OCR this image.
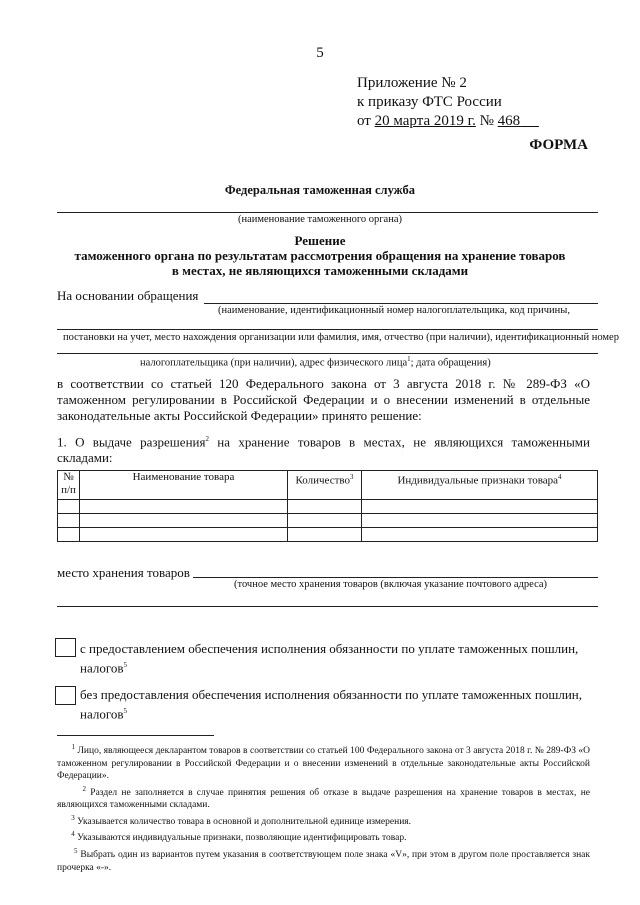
5
Приложение № 2
к приказу ФТС России
от 20 марта 2019 г. № 468
ФОРМА
Федеральная таможенная служба
(наименование таможенного органа)
Решение
таможенного органа по результатам рассмотрения обращения на хранение товаров
в местах, не являющихся таможенными складами
На основании обращения
(наименование, идентификационный номер налогоплательщика, код причины,
постановки на учет, место нахождения организации или фамилия, имя, отчество (при наличии), идентификационный номер
налогоплательщика (при наличии), адрес физического лица$^1$; дата обращения)
в соответствии со статьей 120 Федерального закона от 3 августа 2018 г. № 289-ФЗ «О таможенном регулировании в Российской Федерации и о внесении изменений в отдельные законодательные акты Российской Федерации» принято решение:
1. О выдаче разрешения$^2$ на хранение товаров в местах, не являющихся таможенными складами:
№
п/п	Наименование товара	Количество$^3$	Индивидуальные признаки товара$^4$

место хранения товаров
(точное место хранения товаров (включая указание почтового адреса)
с предоставлением обеспечения исполнения обязанности по уплате таможенных пошлин,
налогов$^5$
без предоставления обеспечения исполнения обязанности по уплате таможенных пошлин,
налогов$^5$

$^1$ Лицо, являющееся декларантом товаров в соответствии со статьей 100 Федерального закона от 3 августа 2018 г. № 289-ФЗ «О таможенном регулировании в Российской Федерации и о внесении изменений в отдельные законодательные акты Российской Федерации».

$^2$ Раздел не заполняется в случае принятия решения об отказе в выдаче разрешения на хранение товаров в местах, не являющихся таможенными складами.

$^3$ Указывается количество товара в основной и дополнительной единице измерения.

$^4$ Указываются индивидуальные признаки, позволяющие идентифицировать товар.

$^5$ Выбрать один из вариантов путем указания в соответствующем поле знака «V», при этом в другом поле проставляется знак прочерка «-».
